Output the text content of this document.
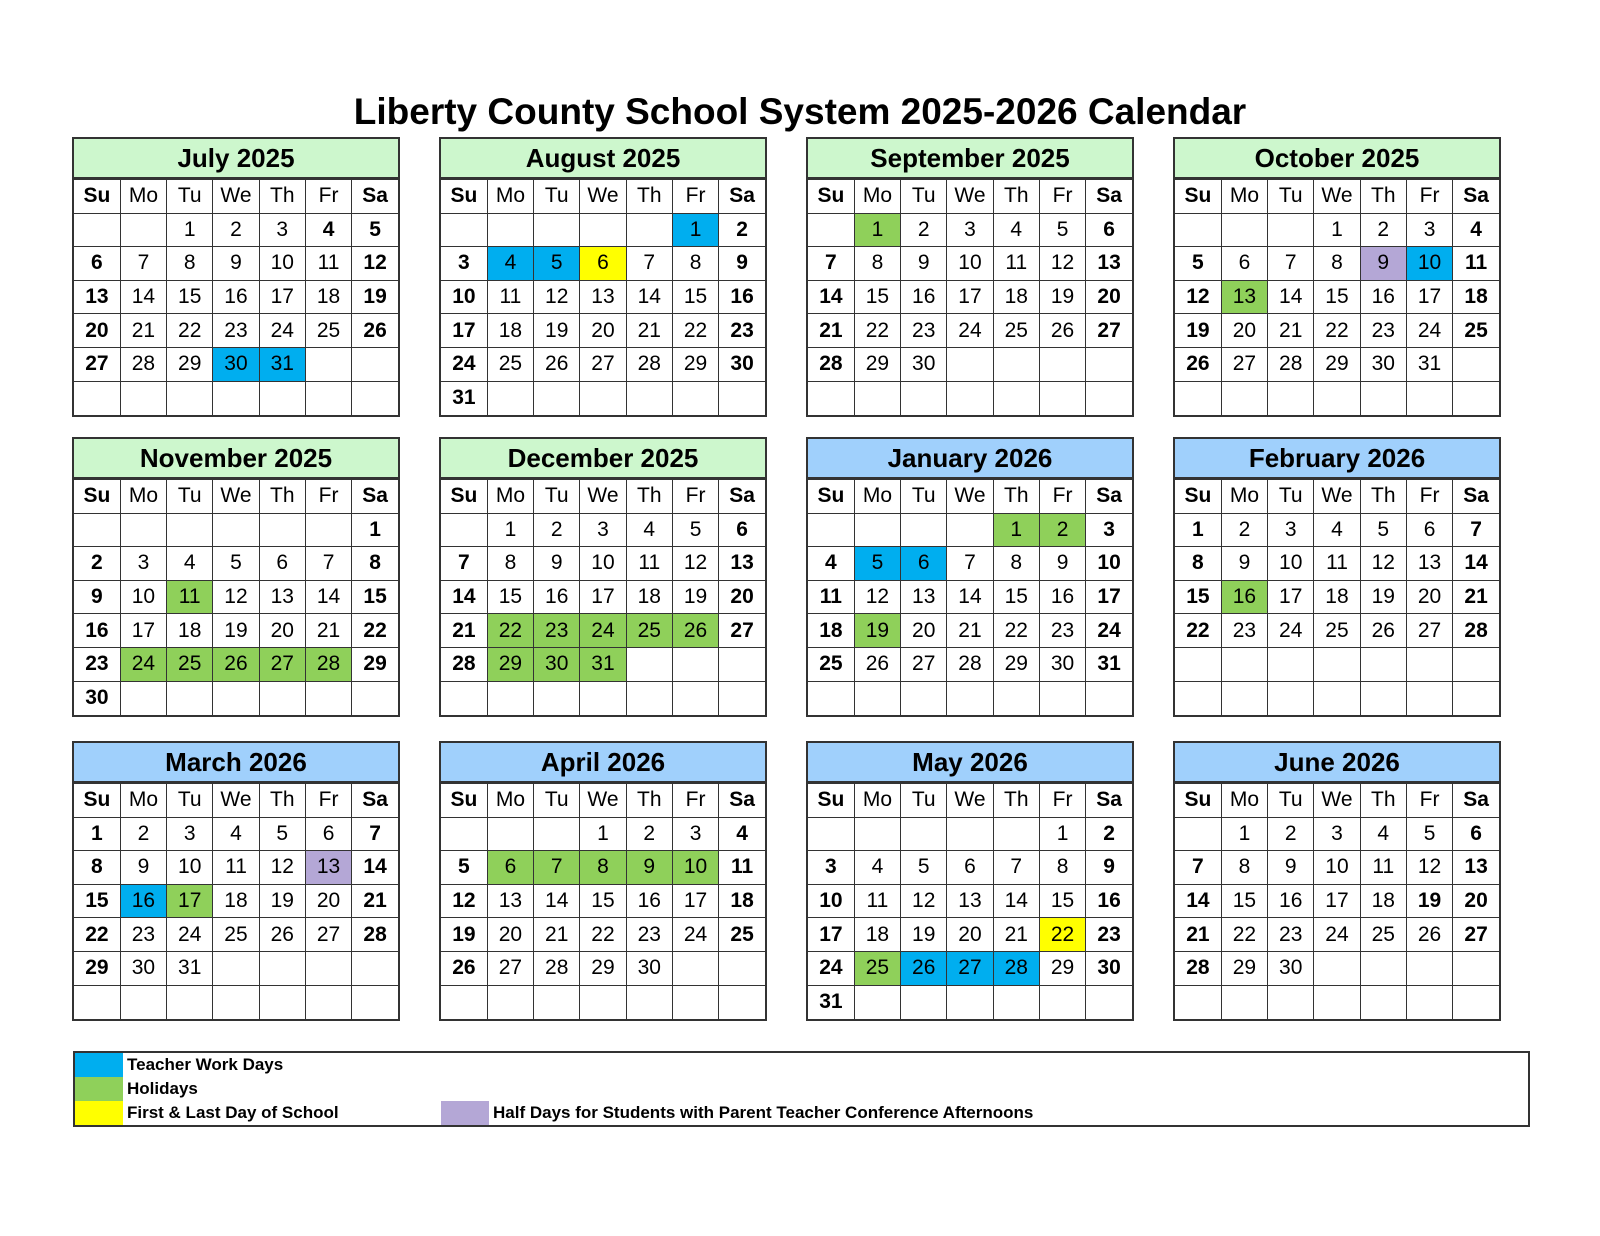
Liberty County School System 2025-2026 Calendar
July 2025
Su	Mo	Tu	We	Th	Fr	Sa
		1	2	3	4	5
6	7	8	9	10	11	12
13	14	15	16	17	18	19
20	21	22	23	24	25	26
27	28	29	30	31		

August 2025
Su	Mo	Tu	We	Th	Fr	Sa
					1	2
3	4	5	6	7	8	9
10	11	12	13	14	15	16
17	18	19	20	21	22	23
24	25	26	27	28	29	30
31						
September 2025
Su	Mo	Tu	We	Th	Fr	Sa
	1	2	3	4	5	6
7	8	9	10	11	12	13
14	15	16	17	18	19	20
21	22	23	24	25	26	27
28	29	30				

October 2025
Su	Mo	Tu	We	Th	Fr	Sa
			1	2	3	4
5	6	7	8	9	10	11
12	13	14	15	16	17	18
19	20	21	22	23	24	25
26	27	28	29	30	31	

November 2025
Su	Mo	Tu	We	Th	Fr	Sa
						1
2	3	4	5	6	7	8
9	10	11	12	13	14	15
16	17	18	19	20	21	22
23	24	25	26	27	28	29
30						
December 2025
Su	Mo	Tu	We	Th	Fr	Sa
	1	2	3	4	5	6
7	8	9	10	11	12	13
14	15	16	17	18	19	20
21	22	23	24	25	26	27
28	29	30	31			

January 2026
Su	Mo	Tu	We	Th	Fr	Sa
				1	2	3
4	5	6	7	8	9	10
11	12	13	14	15	16	17
18	19	20	21	22	23	24
25	26	27	28	29	30	31

February 2026
Su	Mo	Tu	We	Th	Fr	Sa
1	2	3	4	5	6	7
8	9	10	11	12	13	14
15	16	17	18	19	20	21
22	23	24	25	26	27	28

March 2026
Su	Mo	Tu	We	Th	Fr	Sa
1	2	3	4	5	6	7
8	9	10	11	12	13	14
15	16	17	18	19	20	21
22	23	24	25	26	27	28
29	30	31				

April 2026
Su	Mo	Tu	We	Th	Fr	Sa
			1	2	3	4
5	6	7	8	9	10	11
12	13	14	15	16	17	18
19	20	21	22	23	24	25
26	27	28	29	30		

May 2026
Su	Mo	Tu	We	Th	Fr	Sa
					1	2
3	4	5	6	7	8	9
10	11	12	13	14	15	16
17	18	19	20	21	22	23
24	25	26	27	28	29	30
31						
June 2026
Su	Mo	Tu	We	Th	Fr	Sa
	1	2	3	4	5	6
7	8	9	10	11	12	13
14	15	16	17	18	19	20
21	22	23	24	25	26	27
28	29	30				

Teacher Work Days
Holidays
First & Last Day of School	Half Days for Students with Parent Teacher Conference Afternoons
